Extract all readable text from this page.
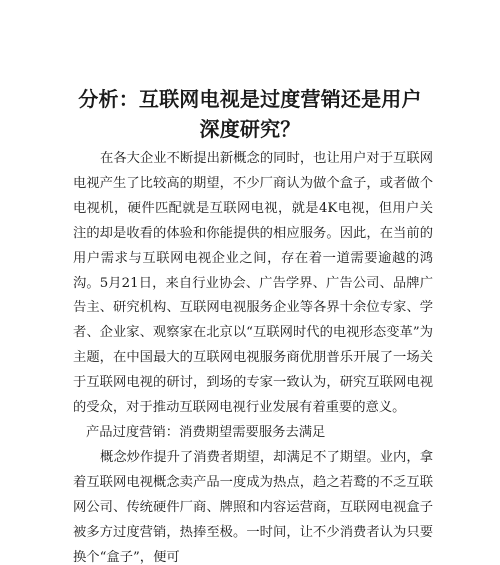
分析：互联网电视是过度营销还是用户深度研究？

在各大企业不断提出新概念的同时，也让用户对于互联网电视产生了比较高的期望，不少厂商认为做个盒子，或者做个电视机，硬件匹配就是互联网电视，就是4K电视，但用户关注的却是收看的体验和你能提供的相应服务。因此，在当前的用户需求与互联网电视企业之间，存在着一道需要逾越的鸿沟。5月21日，来自行业协会、广告学界、广告公司、品牌广告主、研究机构、互联网电视服务企业等各界十余位专家、学者、企业家、观察家在北京以“互联网时代的电视形态变革”为主题，在中国最大的互联网电视服务商优朋普乐开展了一场关于互联网电视的研讨，到场的专家一致认为，研究互联网电视的受众，对于推动互联网电视行业发展有着重要的意义。

产品过度营销：消费期望需要服务去满足

概念炒作提升了消费者期望，却满足不了期望。业内，拿着互联网电视概念卖产品一度成为热点，趋之若鹜的不乏互联网公司、传统硬件厂商、牌照和内容运营商，互联网电视盒子被多方过度营销，热捧至极。一时间，让不少消费者认为只要换个“盒子”，便可
